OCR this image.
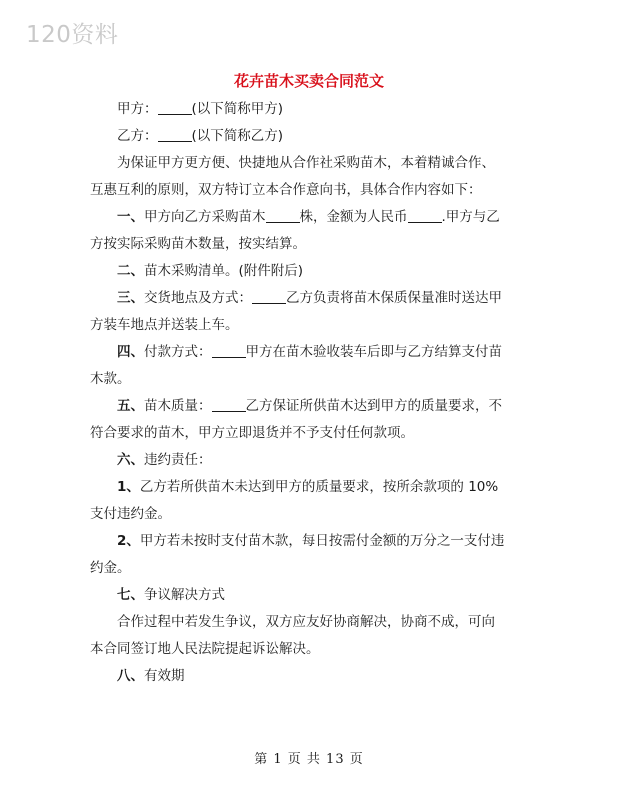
120资料
花卉苗木买卖合同范文
甲方：	(以下简称甲方)
乙方：	(以下简称乙方)
为保证甲方更方便、快捷地从合作社采购苗木，本着精诚合作、
互惠互利的原则，双方特订立本合作意向书，具体合作内容如下：
一、甲方向乙方采购苗木	株，金额为人民币	.甲方与乙
方按实际采购苗木数量，按实结算。
二、苗木采购清单。(附件附后)
三、交货地点及方式：	乙方负责将苗木保质保量准时送达甲
方装车地点并送装上车。
四、付款方式：	甲方在苗木验收装车后即与乙方结算支付苗
木款。
五、苗木质量：	乙方保证所供苗木达到甲方的质量要求，不
符合要求的苗木，甲方立即退货并不予支付任何款项。
六、违约责任：
1、乙方若所供苗木未达到甲方的质量要求，按所余款项的 10%
支付违约金。
2、甲方若未按时支付苗木款，每日按需付金额的万分之一支付违
约金。
七、争议解决方式
合作过程中若发生争议，双方应友好协商解决，协商不成，可向
本合同签订地人民法院提起诉讼解决。
八、有效期
第 1 页 共 13 页
